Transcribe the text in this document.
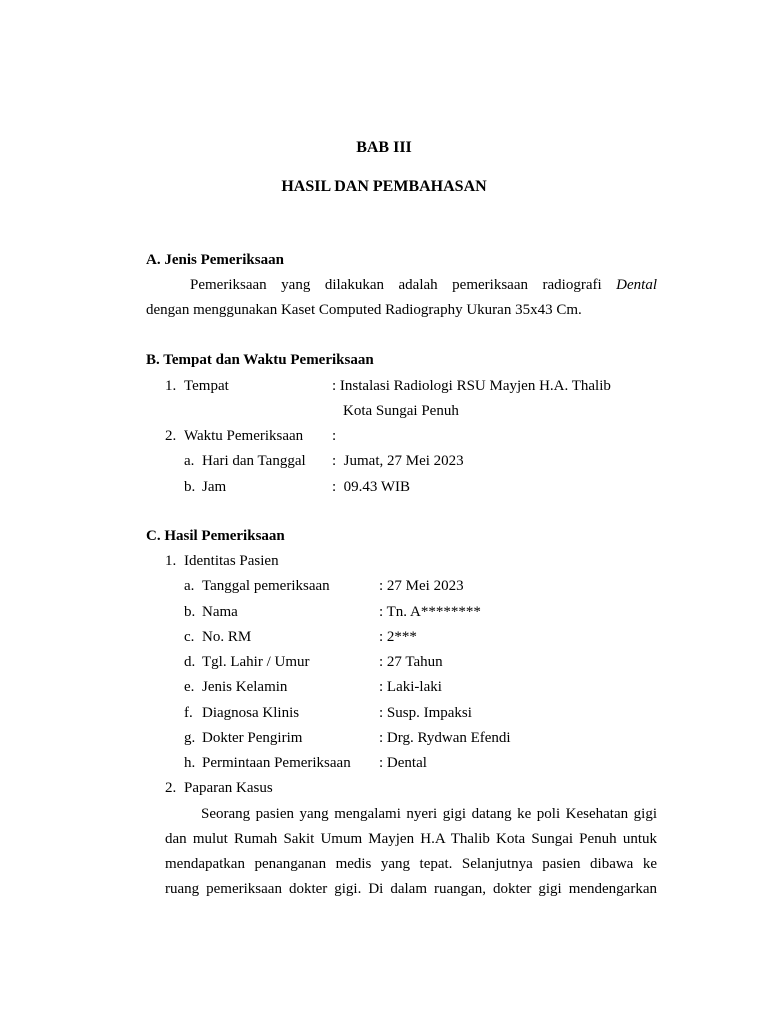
BAB III
HASIL DAN PEMBAHASAN
A. Jenis Pemeriksaan
Pemeriksaan yang dilakukan adalah pemeriksaan radiografi Dental
dengan menggunakan Kaset Computed Radiography Ukuran 35x43 Cm.
B. Tempat dan Waktu Pemeriksaan
1. Tempat	: Instalasi Radiologi RSU Mayjen H.A. Thalib
Kota Sungai Penuh
2. Waktu Pemeriksaan :
a. Hari dan Tanggal :  Jumat, 27 Mei 2023
b. Jam	:  09.43 WIB
C. Hasil Pemeriksaan
1. Identitas Pasien
a. Tanggal pemeriksaan	: 27 Mei 2023
b. Nama	: Tn. A********
c. No. RM	: 2***
d. Tgl. Lahir / Umur	: 27 Tahun
e. Jenis Kelamin	: Laki-laki
f. Diagnosa Klinis	: Susp. Impaksi
g. Dokter Pengirim	: Drg. Rydwan Efendi
h. Permintaan Pemeriksaan : Dental
2. Paparan Kasus
Seorang pasien yang mengalami nyeri gigi datang ke poli Kesehatan gigi
dan mulut Rumah Sakit Umum Mayjen H.A Thalib Kota Sungai Penuh untuk
mendapatkan penanganan medis yang tepat. Selanjutnya pasien dibawa ke
ruang pemeriksaan dokter gigi. Di dalam ruangan, dokter gigi mendengarkan
